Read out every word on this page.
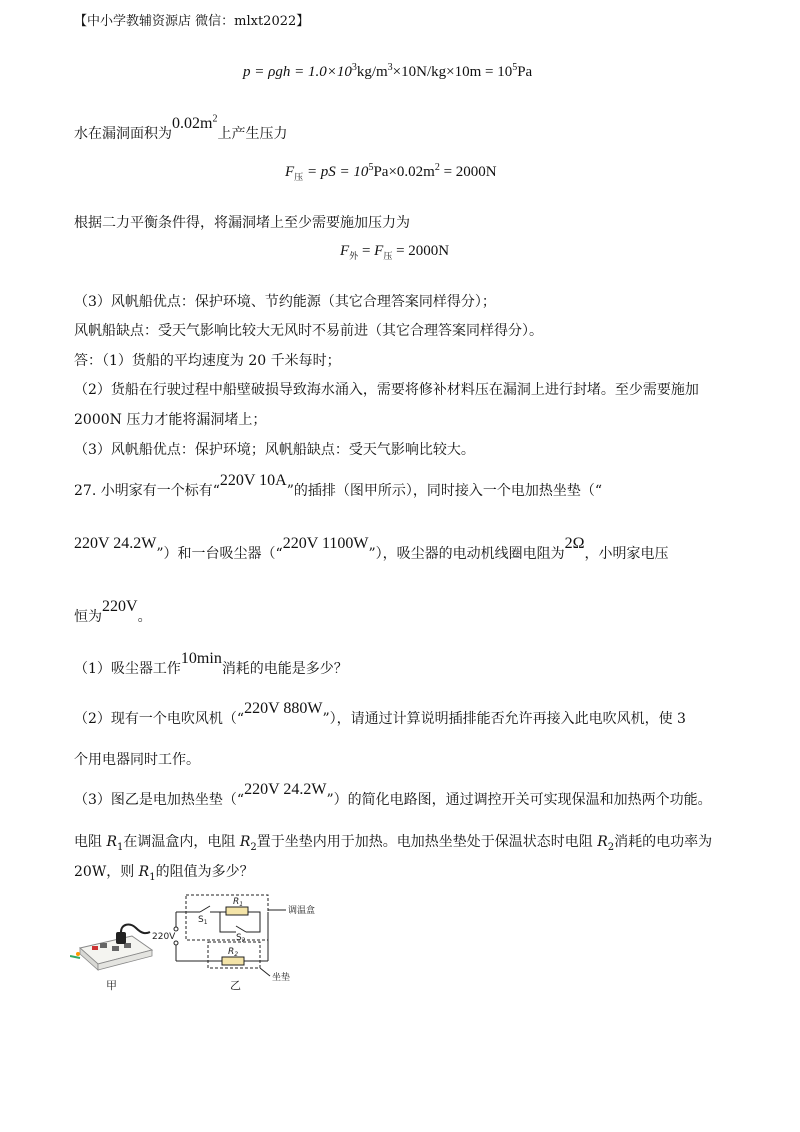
【中小学教辅资源店 微信：mlxt2022】
$p = \rho gh = 1.0\times 10^3kg/m^3\times 10N/kg\times 10m = 10^5Pa$
水在漏洞面积为$0.02m^2$上产生压力
$F_压$ = pS = $10^5Pa\times 0.02m^2 = 2000N$
根据二力平衡条件得，将漏洞堵上至少需要施加压力为
$F_外 = F_压 = 2000N$
（3）风帆船优点：保护环境、节约能源（其它合理答案同样得分）；
风帆船缺点：受天气影响比较大无风时不易前进（其它合理答案同样得分）。
答：（1）货船的平均速度为 20 千米每时；
（2）货船在行驶过程中船壁破损导致海水涌入，需要将修补材料压在漏洞上进行封堵。至少需要施加
2000N 压力才能将漏洞堵上；
（3）风帆船优点：保护环境；风帆船缺点：受天气影响比较大。
27. 小明家有一个标有“220V 10A”的插排（图甲所示），同时接入一个电加热坐垫（“
220V 24.2W”）和一台吸尘器（“220V 1100W”），吸尘器的电动机线圈电阻为2Ω，小明家电压
恒为220V。
（1）吸尘器工作10min消耗的电能是多少？
（2）现有一个电吹风机（“220V 880W”），请通过计算说明插排能否允许再接入此电吹风机，使 3
个用电器同时工作。
（3）图乙是电加热坐垫（“220V 24.2W”）的简化电路图，通过调控开关可实现保温和加热两个功能。
电阻 $R_1$在调温盒内，电阻 $R_2$置于坐垫内用于加热。电加热坐垫处于保温状态时电阻 $R_2$消耗的电功率为
20W，则 $R_1$的阻值为多少？
甲
220V
调温盒
坐垫
$R_1$
$R_2$
$S_1$
$S_2$
乙
